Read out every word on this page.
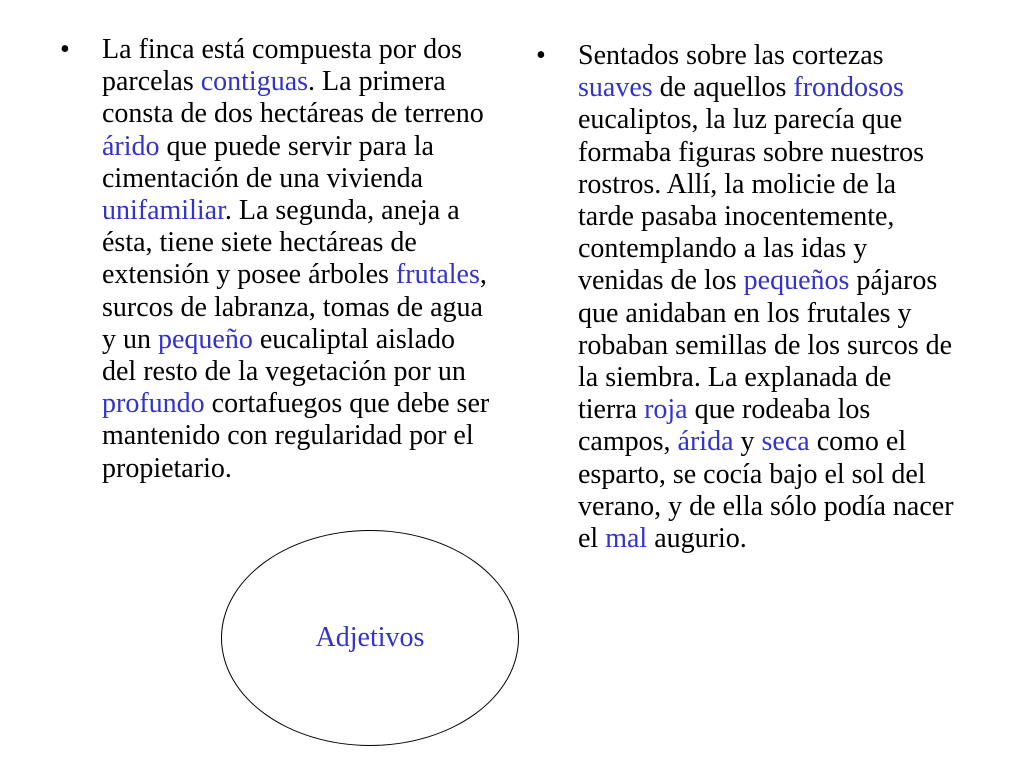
• La finca está compuesta por dos parcelas contiguas. La primera consta de dos hectáreas de terreno árido que puede servir para la cimentación de una vivienda unifamiliar. La segunda, aneja a ésta, tiene siete hectáreas de extensión y posee árboles frutales, surcos de labranza, tomas de agua y un pequeño eucaliptal aislado del resto de la vegetación por un profundo cortafuegos que debe ser mantenido con regularidad por el propietario.
• Sentados sobre las cortezas suaves de aquellos frondosos eucaliptos, la luz parecía que formaba figuras sobre nuestros rostros. Allí, la molicie de la tarde pasaba inocentemente, contemplando a las idas y venidas de los pequeños pájaros que anidaban en los frutales y robaban semillas de los surcos de la siembra. La explanada de tierra roja que rodeaba los campos, árida y seca como el esparto, se cocía bajo el sol del verano, y de ella sólo podía nacer el mal augurio.
Adjetivos
